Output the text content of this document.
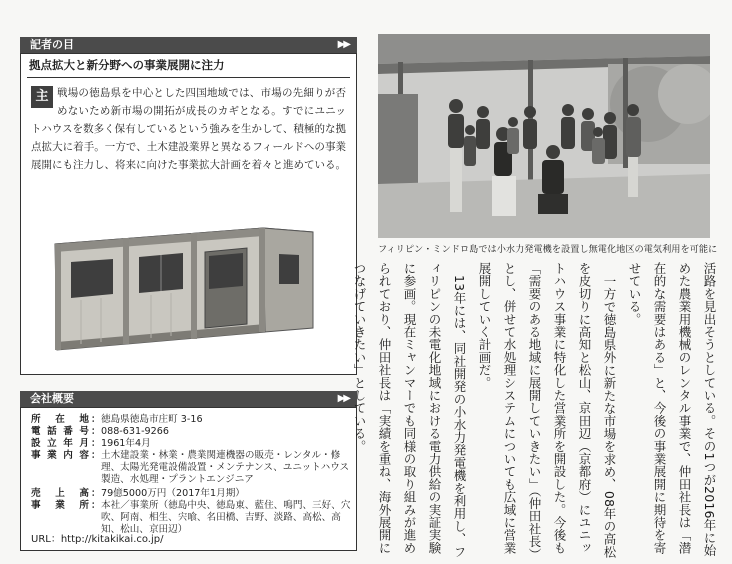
記者の目	▶▶
拠点拡大と新分野への事業展開に注力
主 戦場の徳島県を中心とした四国地域では、市場の先細りが否めないため新市場の開拓が成長のカギとなる。すでにユニットハウスを数多く保有しているという強みを生かして、積極的な拠点拡大に着手。一方で、土木建設業界と異なるフィールドへの事業展開にも注力し、将来に向けた事業拡大計画を着々と進めている。
会社概要	▶▶
所在地 ： 徳島県徳島市庄町 3-16
電話番号 ： 088-631-9266
設立年月 ： 1961年4月
事業内容 ： 土木建設業・林業・農業関連機器の販売・レンタル・修理、太陽光発電設備設置・メンテナンス、ユニットハウス製造、水処理・プラントエンジニア
売上高 ： 79億5000万円（2017年1月期）
事業所 ： 本社／事業所（徳島中央、徳島東、藍住、鳴門、三好、穴吹、阿南、相生、宍喰、名田橋、吉野、淡路、高松、高知、松山、京田辺）
URL：http://kitakikai.co.jp/
フィリピン・ミンドロ島では小水力発電機を設置し無電化地区の電気利用を可能に

活路を見出そうとしている。その1つが2016年に始めた農業用機械のレンタル事業で、仲田社長は「潜在的な需要はある」と、今後の事業展開に期待を寄せている。

一方で徳島県外に新たな市場を求め、08年の高松を皮切りに高知と松山、京田辺（京都府）にユニットハウス事業に特化した営業所を開設した。今後も「需要のある地域に展開していきたい」（仲田社長）とし、併せて水処理システムについても広域に営業展開していく計画だ。

13年には、同社開発の小水力発電機を利用し、フィリピンの未電化地域における電力供給の実証実験に参画。現在ミャンマーでも同様の取り組みが進められており、仲田社長は「実績を重ね、海外展開につなげていきたい」としている。
